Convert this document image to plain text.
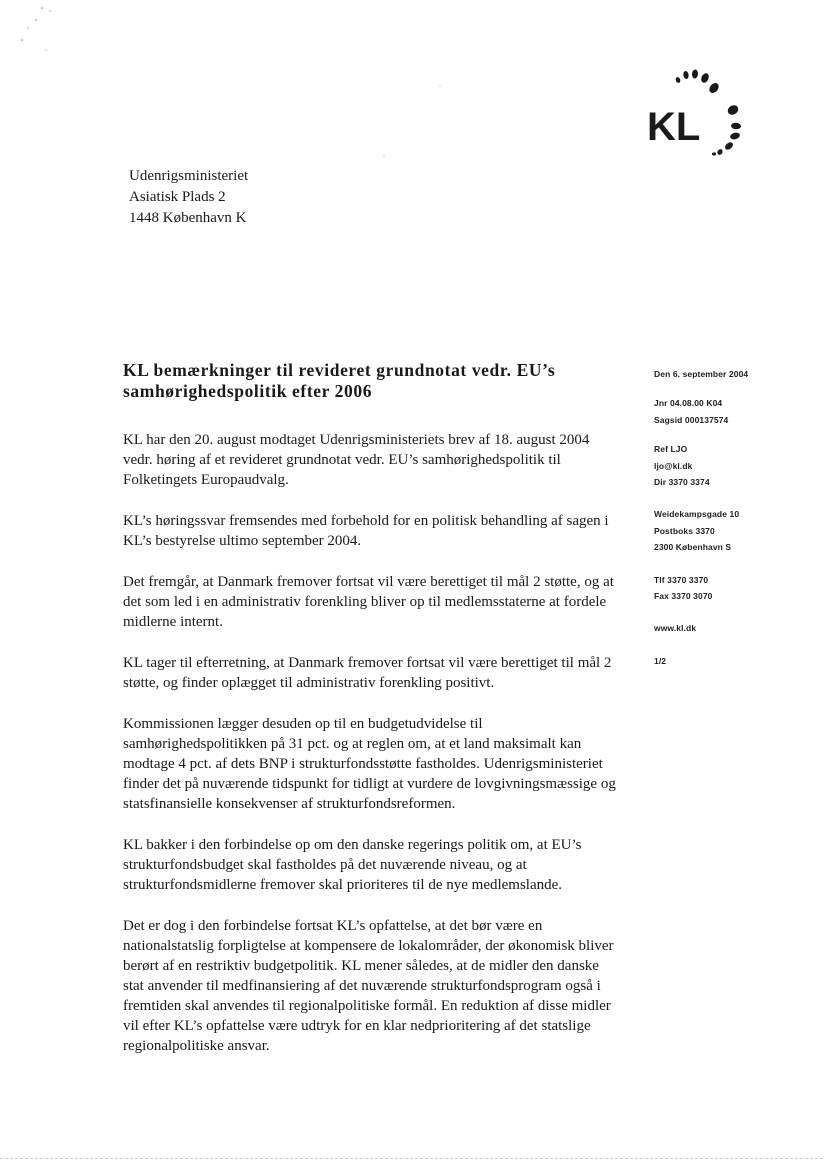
KL
Udenrigsministeriet
Asiatisk Plads 2
1448 København K
KL bemærkninger til revideret grundnotat vedr. EU’s
samhørighedspolitik efter 2006

KL har den 20. august modtaget Udenrigsministeriets brev af 18. august 2004 vedr. høring af et revideret grundnotat vedr. EU’s samhørighedspolitik til Folketingets Europaudvalg.

KL’s høringssvar fremsendes med forbehold for en politisk behandling af sagen i KL’s bestyrelse ultimo september 2004.

Det fremgår, at Danmark fremover fortsat vil være berettiget til mål 2 støtte, og at det som led i en administrativ forenkling bliver op til medlemsstaterne at fordele midlerne internt.

KL tager til efterretning, at Danmark fremover fortsat vil være berettiget til mål 2 støtte, og finder oplægget til administrativ forenkling positivt.

Kommissionen lægger desuden op til en budgetudvidelse til samhørighedspolitikken på 31 pct. og at reglen om, at et land maksimalt kan modtage 4 pct. af dets BNP i strukturfondsstøtte fastholdes. Udenrigsministeriet finder det på nuværende tidspunkt for tidligt at vurdere de lovgivningsmæssige og statsfinansielle konsekvenser af strukturfondsreformen.

KL bakker i den forbindelse op om den danske regerings politik om, at EU’s strukturfondsbudget skal fastholdes på det nuværende niveau, og at strukturfondsmidlerne fremover skal prioriteres til de nye medlemslande.

Det er dog i den forbindelse fortsat KL’s opfattelse, at det bør være en nationalstatslig forpligtelse at kompensere de lokalområder, der økonomisk bliver berørt af en restriktiv budgetpolitik. KL mener således, at de midler den danske stat anvender til medfinansiering af det nuværende strukturfondsprogram også i fremtiden skal anvendes til regionalpolitiske formål. En reduktion af disse midler vil efter KL’s opfattelse være udtryk for en klar nedprioritering af det statslige regionalpolitiske ansvar.

Den 6. september 2004
Jnr 04.08.00 K04
Sagsid 000137574
Ref LJO
ljo@kl.dk
Dir 3370 3374
Weidekampsgade 10
Postboks 3370
2300 København S
Tlf 3370 3370
Fax 3370 3070
www.kl.dk
1/2
